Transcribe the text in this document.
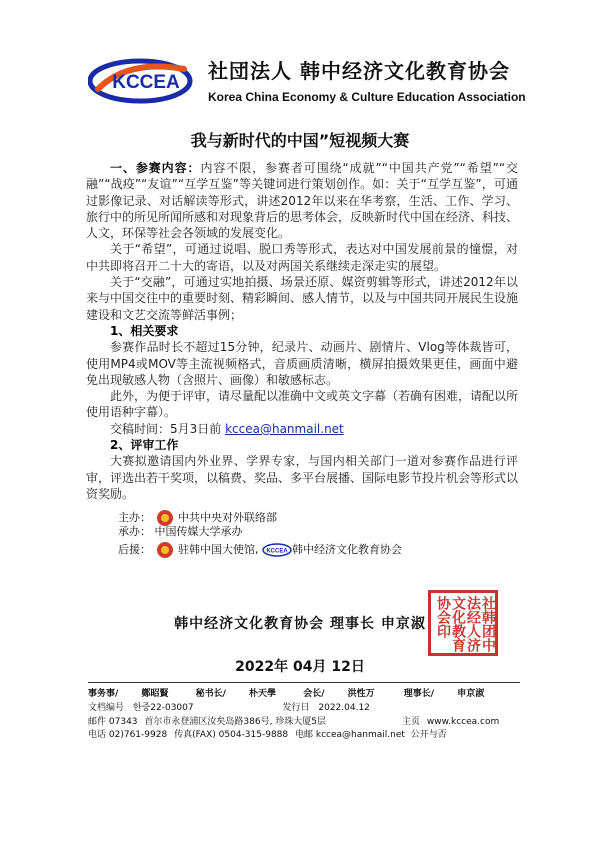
KCCEA 社団法人 韩中经济文化教育协会
Korea China Economy & Culture Education Association
我与新时代的中国”短视频大赛

一、参赛内容：内容不限，参赛者可围绕“成就”“中国共产党”“希望”“交融”“战疫”“友谊”“互学互鉴”等关键词进行策划创作。如：关于“互学互鉴”，可通过影像记录、对话解读等形式，讲述2012年以来在华考察，生活、工作、学习、旅行中的所见所闻所感和对现象背后的思考体会，反映新时代中国在经济、科技、人文，环保等社会各领域的发展变化。

关于“希望”，可通过说唱、脱口秀等形式，表达对中国发展前景的憧憬，对中共即将召开二十大的寄语，以及对两国关系继续走深走实的展望。

关于“交融”，可通过实地拍摄、场景还原、媒资剪辑等形式，讲述2012年以来与中国交往中的重要时刻、精彩瞬间、感人情节，以及与中国共同开展民生设施建设和文艺交流等鲜活事例；

1、相关要求

参赛作品时长不超过15分钟，纪录片、动画片、剧情片、Vlog等体裁皆可，使用MP4或MOV等主流视频格式，音质画质清晰，横屏拍摄效果更佳，画面中避免出现敏感人物（含照片、画像）和敏感标志。

此外，为便于评审，请尽量配以准确中文或英文字幕（若确有困难，请配以所使用语种字幕）。

交稿时间：5月3日前 kccea@hanmail.net

2、评审工作

大赛拟邀请国内外业界、学界专家，与国内相关部门一道对参赛作品进行评审，评选出若干奖项，以稿费、奖品、多平台展播、国际电影节投片机会等形式以资奖励。

主办： 中共中央对外联络部
承办： 中国传媒大学承办
后援： 驻韩中国大使馆, KCCEA 韩中经济文化教育协会
韩中经济文化教育协会 理事长 申京淑	社韩团中法经人济文化教育协会印
2022年 04月 12日
事务事/	鄭昭賢	秘书长/	朴天學	会长/	洪性万	理事长/	申京淑
文档编号 한중22-03007	发行日 2022.04.12
邮件 07343 首尔市永登浦区汝矣岛路386号, 珍珠大厦5层	主页 www.kccea.com
电话 02)761-9928 传真(FAX) 0504-315-9888 电邮 kccea@hanmail.net 公开与否
